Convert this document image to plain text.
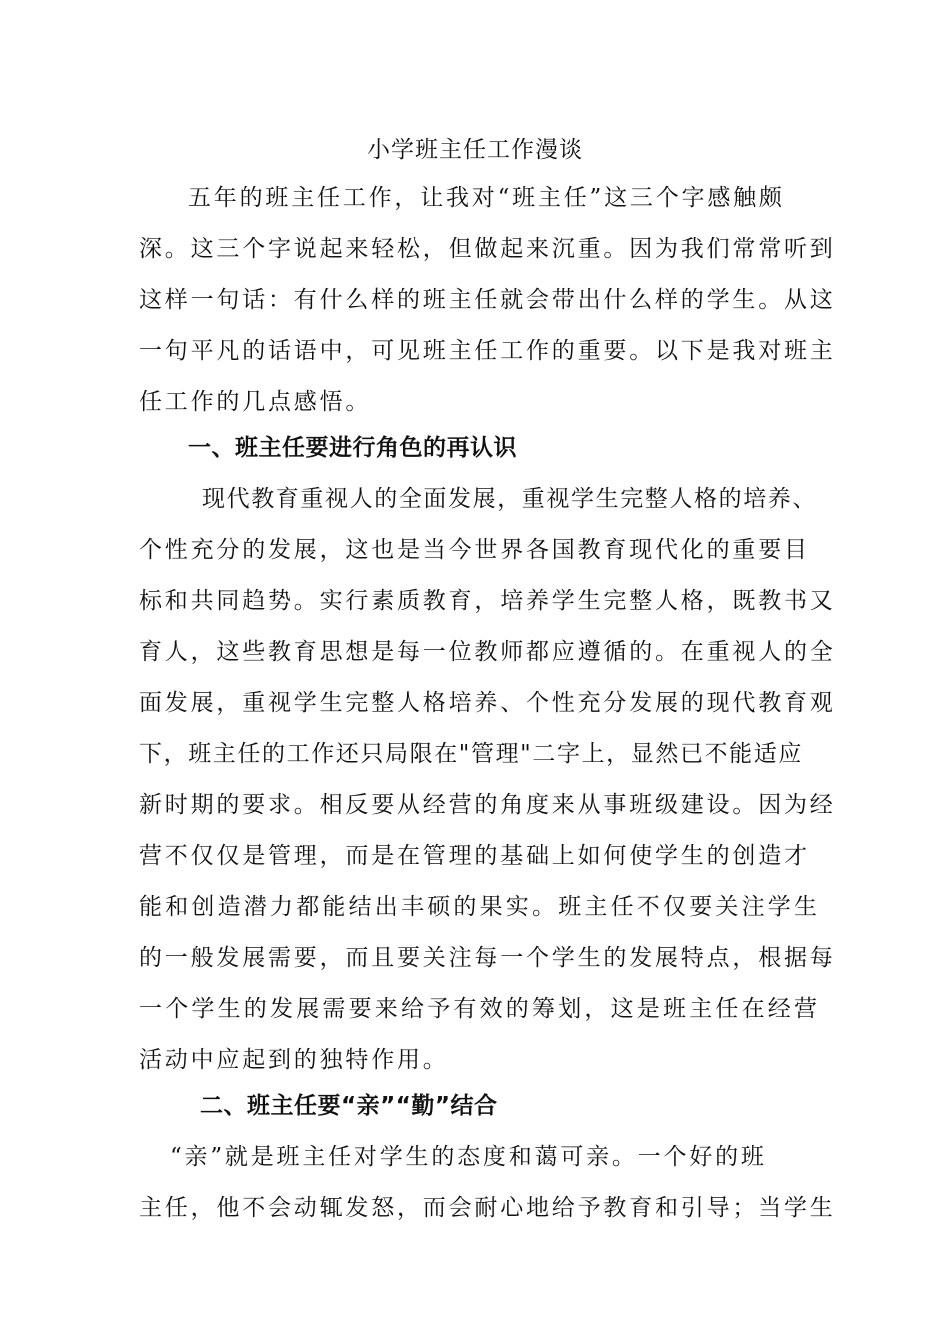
小学班主任工作漫谈

五年的班主任工作，让我对“班主任”这三个字感触颇

深。这三个字说起来轻松，但做起来沉重。因为我们常常听到

这样一句话：有什么样的班主任就会带出什么样的学生。从这

一句平凡的话语中，可见班主任工作的重要。以下是我对班主

任工作的几点感悟。

一、班主任要进行角色的再认识

现代教育重视人的全面发展，重视学生完整人格的培养、

个性充分的发展，这也是当今世界各国教育现代化的重要目

标和共同趋势。实行素质教育，培养学生完整人格，既教书又

育人，这些教育思想是每一位教师都应遵循的。在重视人的全

面发展，重视学生完整人格培养、个性充分发展的现代教育观

下，班主任的工作还只局限在"管理"二字上，显然已不能适应

新时期的要求。相反要从经营的角度来从事班级建设。因为经

营不仅仅是管理，而是在管理的基础上如何使学生的创造才

能和创造潜力都能结出丰硕的果实。班主任不仅要关注学生

的一般发展需要，而且要关注每一个学生的发展特点，根据每

一个学生的发展需要来给予有效的筹划，这是班主任在经营

活动中应起到的独特作用。

二、班主任要“亲”“勤”结合

“亲”就是班主任对学生的态度和蔼可亲。一个好的班

主任，他不会动辄发怒，而会耐心地给予教育和引导；当学生
